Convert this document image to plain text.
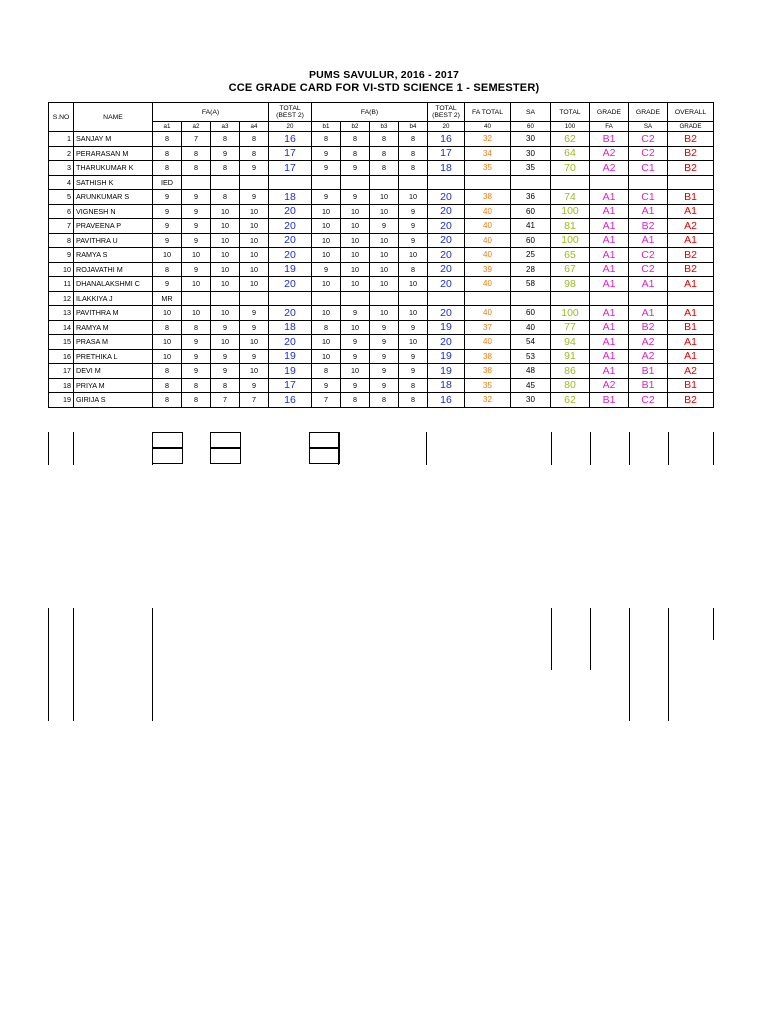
PUMS SAVULUR, 2016 - 2017
CCE GRADE CARD FOR VI-STD SCIENCE 1 - SEMESTER)
S.NO	NAME	FA(A)				TOTAL (BEST 2)	FA(B)				TOTAL (BEST 2)	FA TOTAL	SA	TOTAL	GRADE	GRADE	OVERALL
		a1	a2	a3	a4	20	b1	b2	b3	b4	20	40	60	100	FA	SA	GRADE
1	SANJAY M	8	7	8	8	16	8	8	8	8	16	32	30	62	B1	C2	B2
2	PERARASAN M	8	8	9	8	17	9	8	8	8	17	34	30	64	A2	C2	B2
3	THARUKUMAR K	8	8	8	9	17	9	9	8	8	18	35	35	70	A2	C1	B2
4	SATHISH K	IED															
5	ARUNKUMAR S	9	9	8	9	18	9	9	10	10	20	38	36	74	A1	C1	B1
6	VIGNESH N	9	9	10	10	20	10	10	10	9	20	40	60	100	A1	A1	A1
7	PRAVEENA P	9	9	10	10	20	10	10	9	9	20	40	41	81	A1	B2	A2
8	PAVITHRA U	9	9	10	10	20	10	10	10	9	20	40	60	100	A1	A1	A1
9	RAMYA S	10	10	10	10	20	10	10	10	10	20	40	25	65	A1	C2	B2
10	ROJAVATHI M	8	9	10	10	19	9	10	10	8	20	39	28	67	A1	C2	B2
11	DHANALAKSHMI C	9	10	10	10	20	10	10	10	10	20	40	58	98	A1	A1	A1
12	ILAKKIYA J	MR															
13	PAVITHRA M	10	10	10	9	20	10	9	10	10	20	40	60	100	A1	A1	A1
14	RAMYA M	8	8	9	9	18	8	10	9	9	19	37	40	77	A1	B2	B1
15	PRASA M	10	9	10	10	20	10	9	9	10	20	40	54	94	A1	A2	A1
16	PRETHIKA L	10	9	9	9	19	10	9	9	9	19	38	53	91	A1	A2	A1
17	DEVI M	8	9	9	10	19	8	10	9	9	19	38	48	86	A1	B1	A2
18	PRIYA M	8	8	8	9	17	9	9	9	8	18	35	45	80	A2	B1	B1
19	GIRIJA S	8	8	7	7	16	7	8	8	8	16	32	30	62	B1	C2	B2
